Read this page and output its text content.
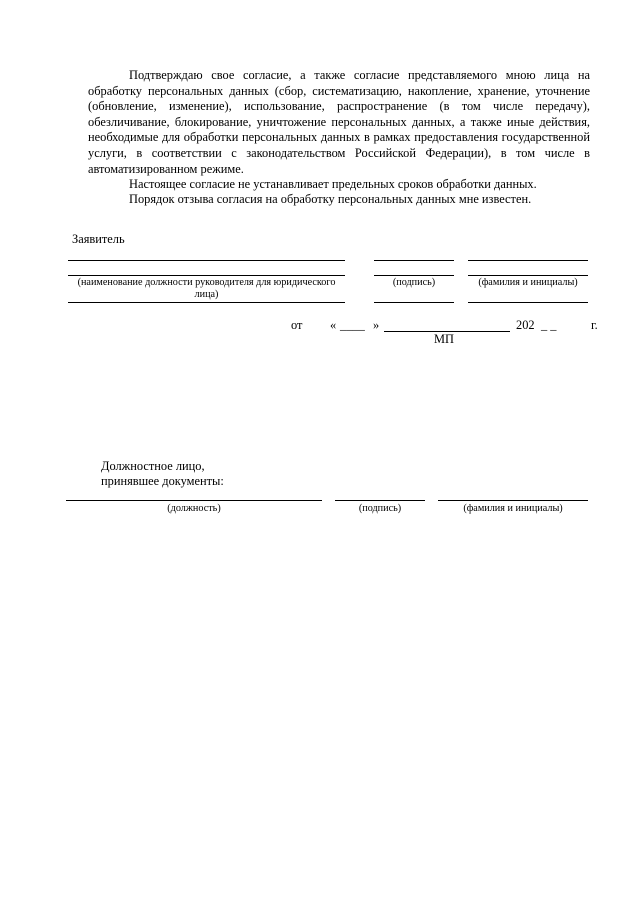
Подтверждаю свое согласие, а также согласие представляемого мною лица на обработку персональных данных (сбор, систематизацию, накопление, хранение, уточнение (обновление, изменение), использование, распространение (в том числе передачу), обезличивание, блокирование, уничтожение персональных данных, а также иные действия, необходимые для обработки персональных данных в рамках предоставления государственной услуги, в соответствии с законодательством Российской Федерации), в том числе в автоматизированном режиме.
Настоящее согласие не устанавливает предельных сроков обработки данных.
Порядок отзыва согласия на обработку персональных данных мне известен.
Заявитель
(наименование должности руководителя для юридического лица)
(подпись)	(фамилия и инициалы)
от « ____ »	202 _ _	г.
МП
Должностное лицо,
принявшее документы:
(должность)	(подпись)	(фамилия и инициалы)
